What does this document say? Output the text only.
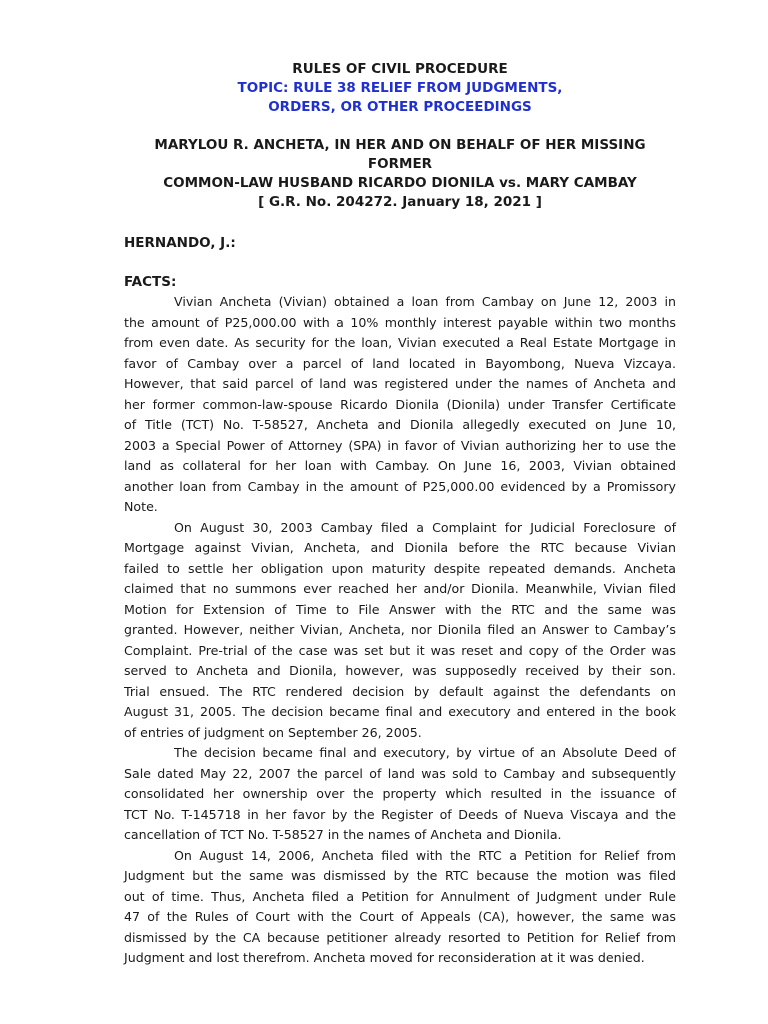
RULES OF CIVIL PROCEDURE
TOPIC: RULE 38 RELIEF FROM JUDGMENTS,
ORDERS, OR OTHER PROCEEDINGS
MARYLOU R. ANCHETA, IN HER AND ON BEHALF OF HER MISSING FORMER
COMMON-LAW HUSBAND RICARDO DIONILA vs. MARY CAMBAY
[ G.R. No. 204272. January 18, 2021 ]
HERNANDO, J.:
FACTS:

Vivian Ancheta (Vivian) obtained a loan from Cambay on June 12, 2003 in
the amount of P25,000.00 with a 10% monthly interest payable within two months
from even date. As security for the loan, Vivian executed a Real Estate Mortgage in
favor of Cambay over a parcel of land located in Bayombong, Nueva Vizcaya.
However, that said parcel of land was registered under the names of Ancheta and
her former common-law-spouse Ricardo Dionila (Dionila) under Transfer Certificate
of Title (TCT) No. T-58527, Ancheta and Dionila allegedly executed on June 10,
2003 a Special Power of Attorney (SPA) in favor of Vivian authorizing her to use the
land as collateral for her loan with Cambay. On June 16, 2003, Vivian obtained
another loan from Cambay in the amount of P25,000.00 evidenced by a Promissory
Note.

On August 30, 2003 Cambay filed a Complaint for Judicial Foreclosure of
Mortgage against Vivian, Ancheta, and Dionila before the RTC because Vivian
failed to settle her obligation upon maturity despite repeated demands. Ancheta
claimed that no summons ever reached her and/or Dionila. Meanwhile, Vivian filed
Motion for Extension of Time to File Answer with the RTC and the same was
granted. However, neither Vivian, Ancheta, nor Dionila filed an Answer to Cambay’s
Complaint. Pre-trial of the case was set but it was reset and copy of the Order was
served to Ancheta and Dionila, however, was supposedly received by their son.
Trial ensued. The RTC rendered decision by default against the defendants on
August 31, 2005. The decision became final and executory and entered in the book
of entries of judgment on September 26, 2005.

The decision became final and executory, by virtue of an Absolute Deed of
Sale dated May 22, 2007 the parcel of land was sold to Cambay and subsequently
consolidated her ownership over the property which resulted in the issuance of
TCT No. T-145718 in her favor by the Register of Deeds of Nueva Viscaya and the
cancellation of TCT No. T-58527 in the names of Ancheta and Dionila.

On August 14, 2006, Ancheta filed with the RTC a Petition for Relief from
Judgment but the same was dismissed by the RTC because the motion was filed
out of time. Thus, Ancheta filed a Petition for Annulment of Judgment under Rule
47 of the Rules of Court with the Court of Appeals (CA), however, the same was
dismissed by the CA because petitioner already resorted to Petition for Relief from
Judgment and lost therefrom. Ancheta moved for reconsideration at it was denied.
